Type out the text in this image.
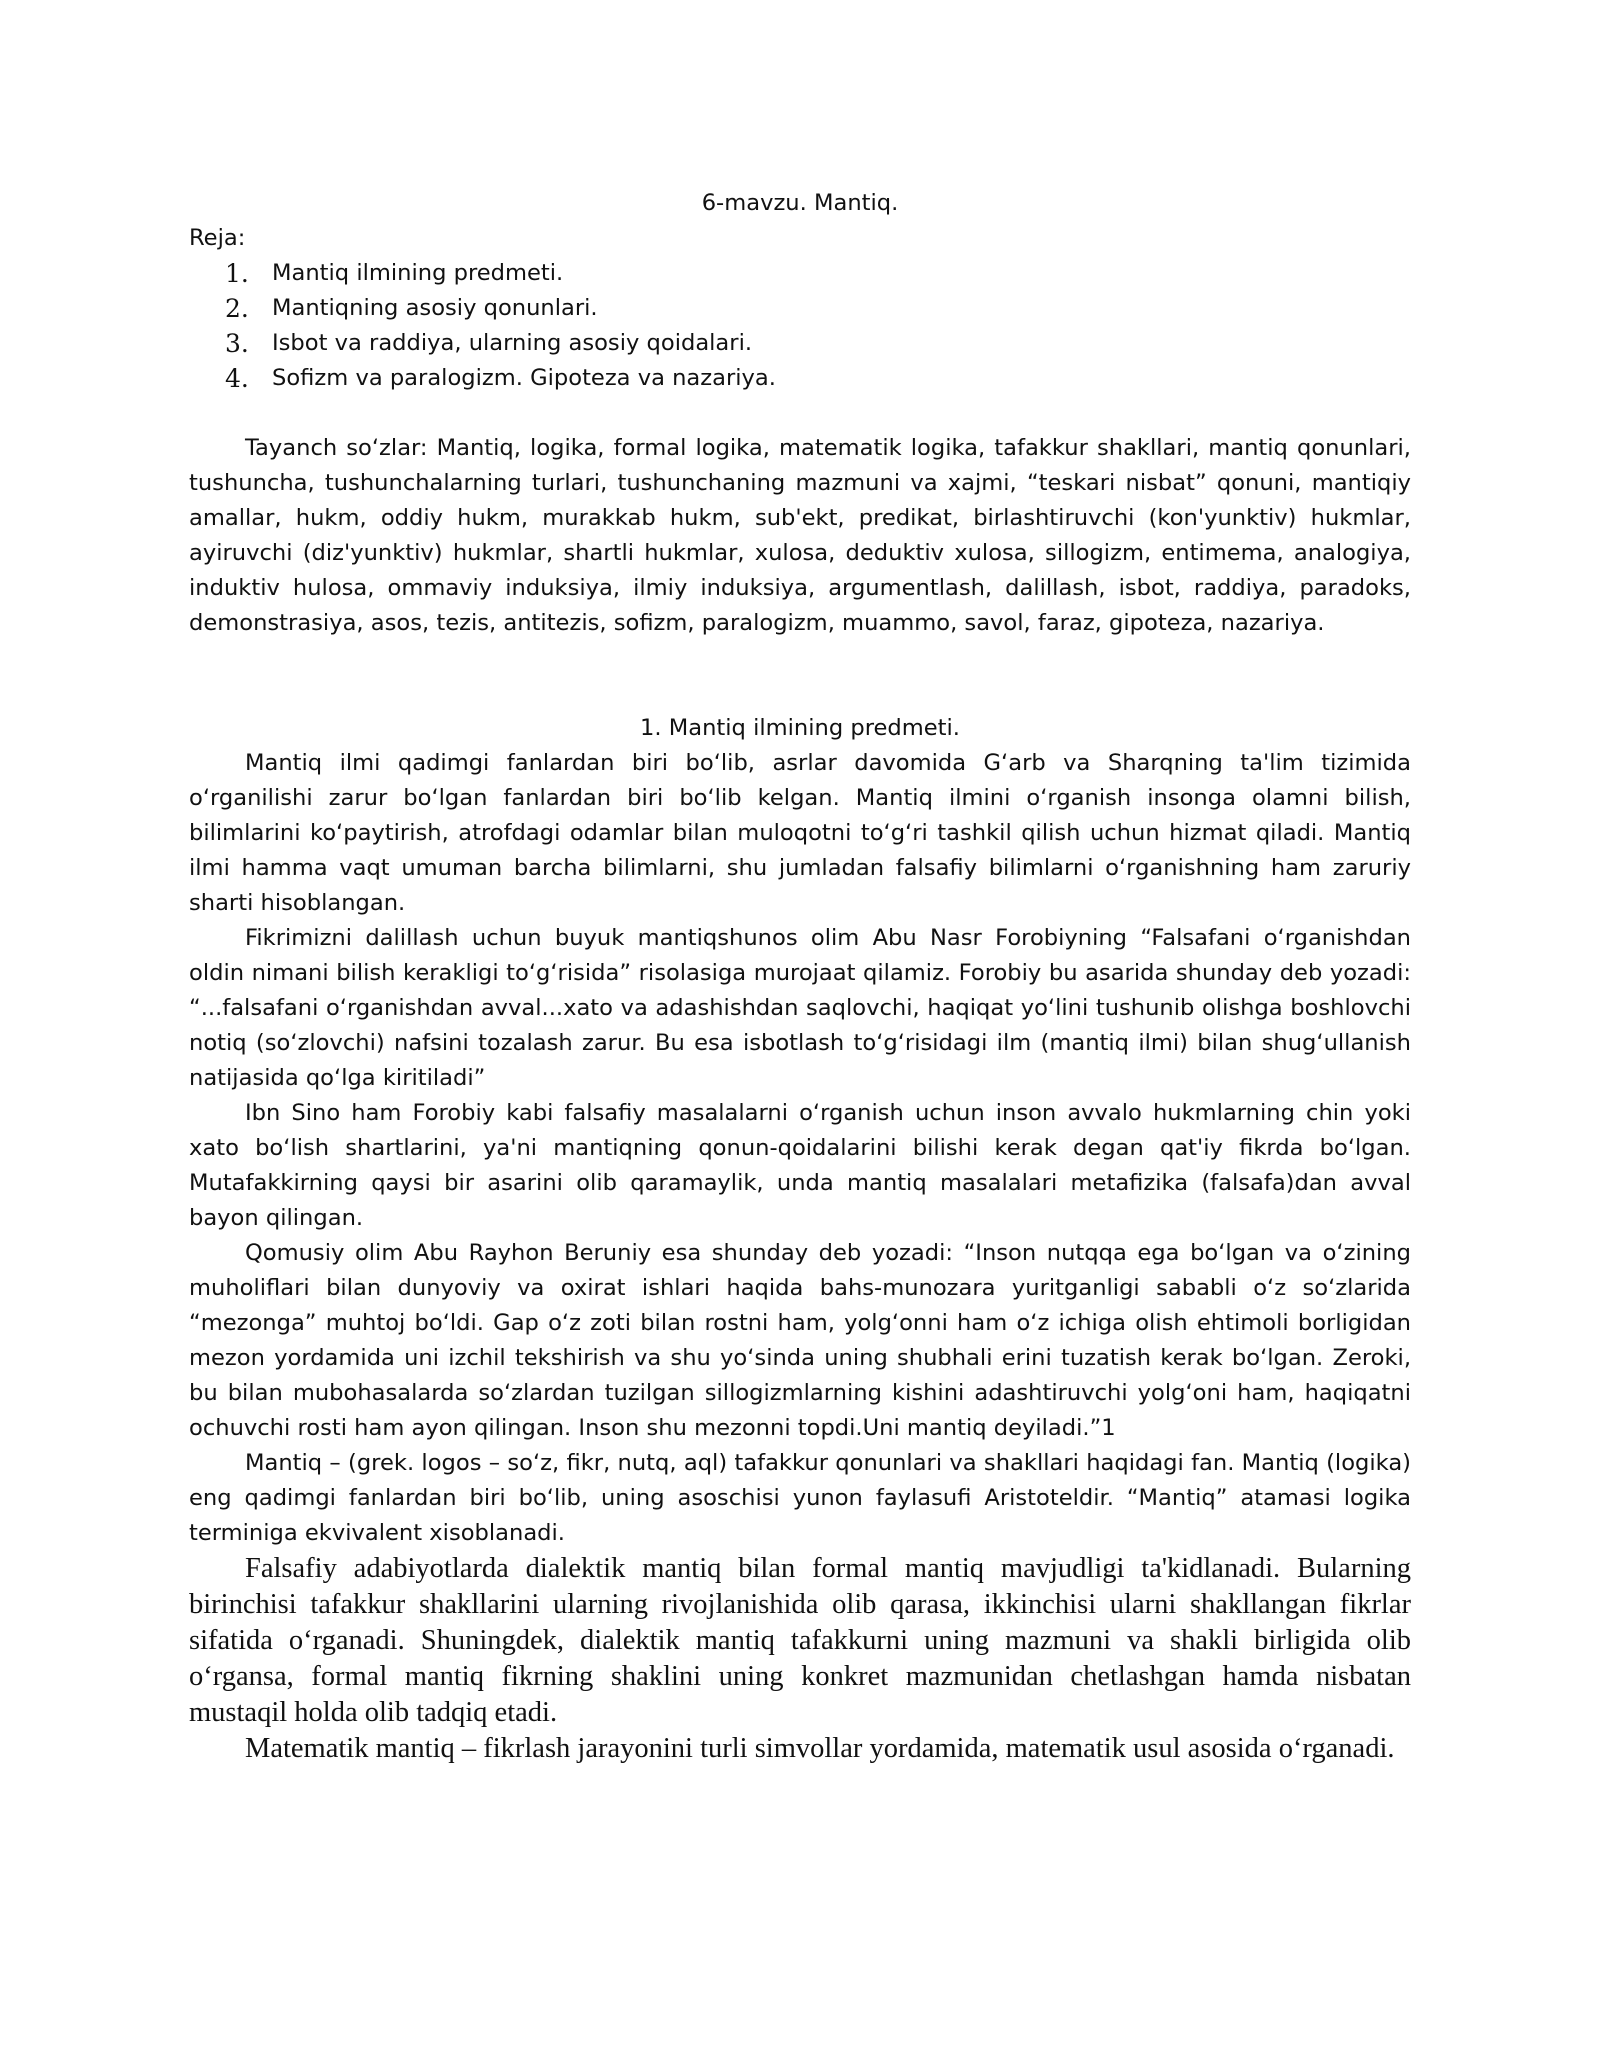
6-mavzu. Mantiq.
Reja:
1.	Mantiq ilmining predmeti.
2.	Mantiqning asosiy qonunlari.
3.	Isbot va raddiya, ularning asosiy qoidalari.
4.	Sofizm va paralogizm. Gipoteza va nazariya.

Tayanch so‘zlar: Mantiq, logika, formal logika, matematik logika, tafakkur shakllari, mantiq qonunlari, tushuncha, tushunchalarning turlari, tushunchaning mazmuni va xajmi, “teskari nisbat” qonuni, mantiqiy amallar, hukm, oddiy hukm, murakkab hukm, sub'ekt, predikat, birlashtiruvchi (kon'yunktiv) hukmlar, ayiruvchi (diz'yunktiv) hukmlar, shartli hukmlar, xulosa, deduktiv xulosa, sillogizm, entimema, analogiya, induktiv hulosa, ommaviy induksiya, ilmiy induksiya, argumentlash, dalillash, isbot, raddiya, paradoks, demonstrasiya, asos, tezis, antitezis, sofizm, paralogizm, muammo, savol, faraz, gipoteza, nazariya.

1. Mantiq ilmining predmeti.

Mantiq ilmi qadimgi fanlardan biri bo‘lib, asrlar davomida G‘arb va Sharqning ta'lim tizimida o‘rganilishi zarur bo‘lgan fanlardan biri bo‘lib kelgan. Mantiq ilmini o‘rganish insonga olamni bilish, bilimlarini ko‘paytirish, atrofdagi odamlar bilan muloqotni to‘g‘ri tashkil qilish uchun hizmat qiladi. Mantiq ilmi hamma vaqt umuman barcha bilimlarni, shu jumladan falsafiy bilimlarni o‘rganishning ham zaruriy sharti hisoblangan.

Fikrimizni dalillash uchun buyuk mantiqshunos olim Abu Nasr Forobiyning “Falsafani o‘rganishdan oldin nimani bilish kerakligi to‘g‘risida” risolasiga murojaat qilamiz. Forobiy bu asarida shunday deb yozadi: “...falsafani o‘rganishdan avval...xato va adashishdan saqlovchi, haqiqat yo‘lini tushunib olishga boshlovchi notiq (so‘zlovchi) nafsini tozalash zarur. Bu esa isbotlash to‘g‘risidagi ilm (mantiq ilmi) bilan shug‘ullanish natijasida qo‘lga kiritiladi”

Ibn Sino ham Forobiy kabi falsafiy masalalarni o‘rganish uchun inson avvalo hukmlarning chin yoki xato bo‘lish shartlarini, ya'ni mantiqning qonun-qoidalarini bilishi kerak degan qat'iy fikrda bo‘lgan. Mutafakkirning qaysi bir asarini olib qaramaylik, unda mantiq masalalari metafizika (falsafa)dan avval bayon qilingan.

Qomusiy olim Abu Rayhon Beruniy esa shunday deb yozadi: “Inson nutqqa ega bo‘lgan va o‘zining muholiflari bilan dunyoviy va oxirat ishlari haqida bahs-munozara yuritganligi sababli o‘z so‘zlarida “mezonga” muhtoj bo‘ldi. Gap o‘z zoti bilan rostni ham, yolg‘onni ham o‘z ichiga olish ehtimoli borligidan mezon yordamida uni izchil tekshirish va shu yo‘sinda uning shubhali erini tuzatish kerak bo‘lgan. Zeroki, bu bilan mubohasalarda so‘zlardan tuzilgan sillogizmlarning kishini adashtiruvchi yolg‘oni ham, haqiqatni ochuvchi rosti ham ayon qilingan. Inson shu mezonni topdi.Uni mantiq deyiladi.”1

Mantiq – (grek. logos – so‘z, fikr, nutq, aql) tafakkur qonunlari va shakllari haqidagi fan. Mantiq (logika) eng qadimgi fanlardan biri bo‘lib, uning asoschisi yunon faylasufi Aristoteldir. “Mantiq” atamasi logika terminiga ekvivalent xisoblanadi.

Falsafiy adabiyotlarda dialektik mantiq bilan formal mantiq mavjudligi ta'kidlanadi. Bularning birinchisi tafakkur shakllarini ularning rivojlanishida olib qarasa, ikkinchisi ularni shakllangan fikrlar sifatida o‘rganadi. Shuningdek, dialektik mantiq tafakkurni uning mazmuni va shakli birligida olib o‘rgansa, formal mantiq fikrning shaklini uning konkret mazmunidan chetlashgan hamda nisbatan mustaqil holda olib tadqiq etadi.

Matematik mantiq – fikrlash jarayonini turli simvollar yordamida, matematik usul asosida o‘rganadi.
